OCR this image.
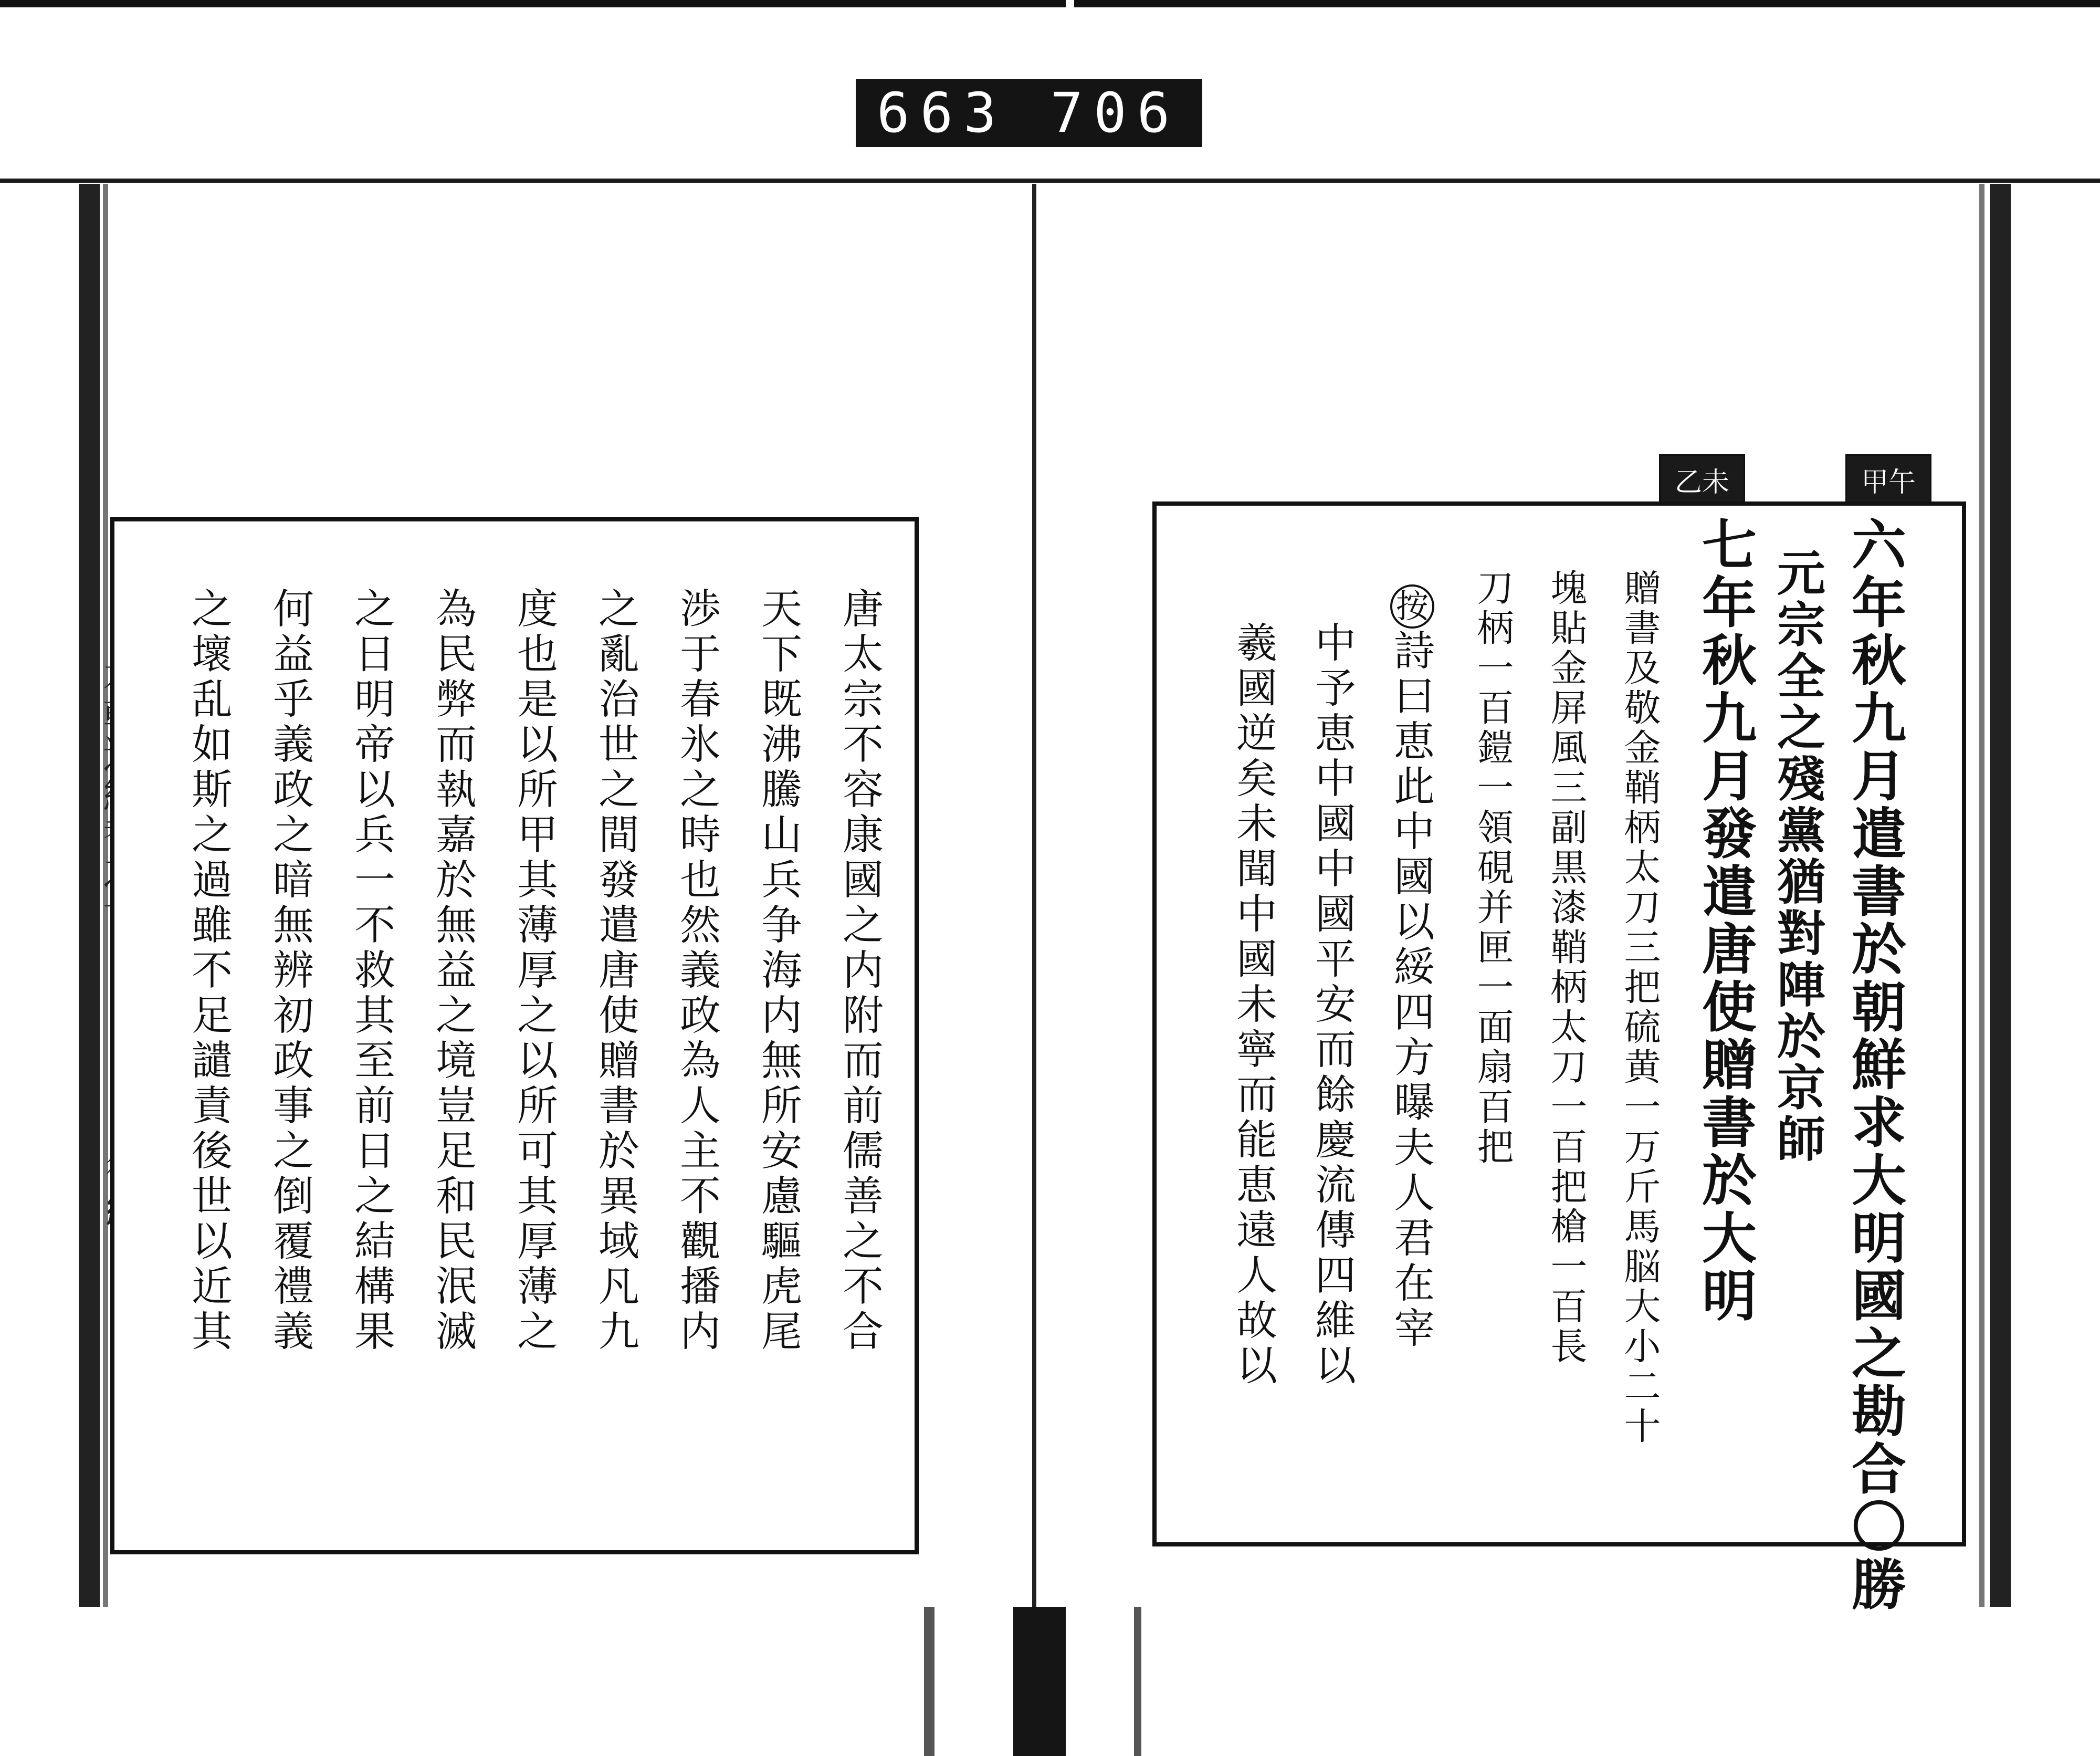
663 706
唐太宗不容康國之内附而前儒善之不合
天下既沸騰山兵争海内無所安慮驅虎尾
渉于春氷之時也然義政為人主不觀播内
之亂治世之間發遣唐使贈書於異域凡九
度也是以所甲其薄厚之以所可其厚薄之
為民弊而執嘉於無益之境豈足和民泯滅
之日明帝以兵一不救其至前日之結構果
何益乎義政之暗無辨初政事之倒覆禮義
之壞乱如斯之過雖不足譴責後世以近其
乙未	甲午
六年秋九月遣書於朝鮮求大明國之勘合〇勝
元宗全之殘黨猶對陣於京師
七年秋九月發遣唐使贈書於大明
贈書及敬金鞘柄太刀三把硫黄一万斤馬脳大小二十
塊貼金屏風三副黒漆鞘柄太刀一百把槍一百長
刀柄一百鎧一領硯并匣一面扇百把
詩曰恵此中國以綏四方曝夫人君在宰
按
中予恵中國中國平安而餘慶流傳四維以
羲國逆矣未聞中國未寧而能恵遠人故以
